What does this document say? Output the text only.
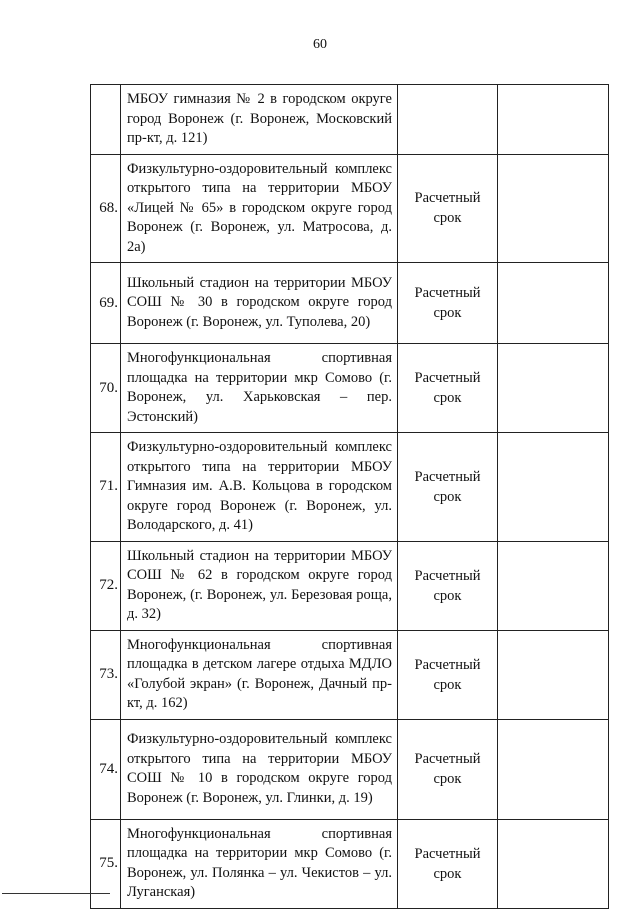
60
	МБОУ гимназия № 2 в городском округе город Воронеж (г. Воронеж, Московский пр-кт, д. 121)	

68.	Физкультурно-оздоровительный комплекс открытого типа на территории МБОУ «Лицей № 65» в городском округе город Воронеж (г. Воронеж, ул. Матросова, д. 2а)	Расчетный
срок	

69.	Школьный стадион на территории МБОУ СОШ № 30 в городском округе город Воронеж (г. Воронеж, ул. Туполева, 20)	Расчетный
срок	

70.	Многофункциональная спортивная площадка на территории мкр Сомово (г. Воронеж, ул. Харьковская – пер. Эстонский)	Расчетный
срок	

71.	Физкультурно-оздоровительный комплекс открытого типа на территории МБОУ Гимназия им. А.В. Кольцова в городском округе город Воронеж (г. Воронеж, ул. Володарского, д. 41)	Расчетный
срок	

72.	Школьный стадион на территории МБОУ СОШ № 62 в городском округе город Воронеж, (г. Воронеж, ул. Березовая роща, д. 32)	Расчетный
срок	

73.	Многофункциональная спортивная площадка в детском лагере отдыха МДЛО «Голубой экран» (г. Воронеж, Дачный пр-кт, д. 162)	Расчетный
срок	

74.	Физкультурно-оздоровительный комплекс открытого типа на территории МБОУ СОШ № 10 в городском округе город Воронеж (г. Воронеж, ул. Глинки, д. 19)	Расчетный
срок	

75.	Многофункциональная спортивная площадка на территории мкр Сомово (г. Воронеж, ул. Полянка – ул. Чекистов – ул. Луганская)	Расчетный
срок	
